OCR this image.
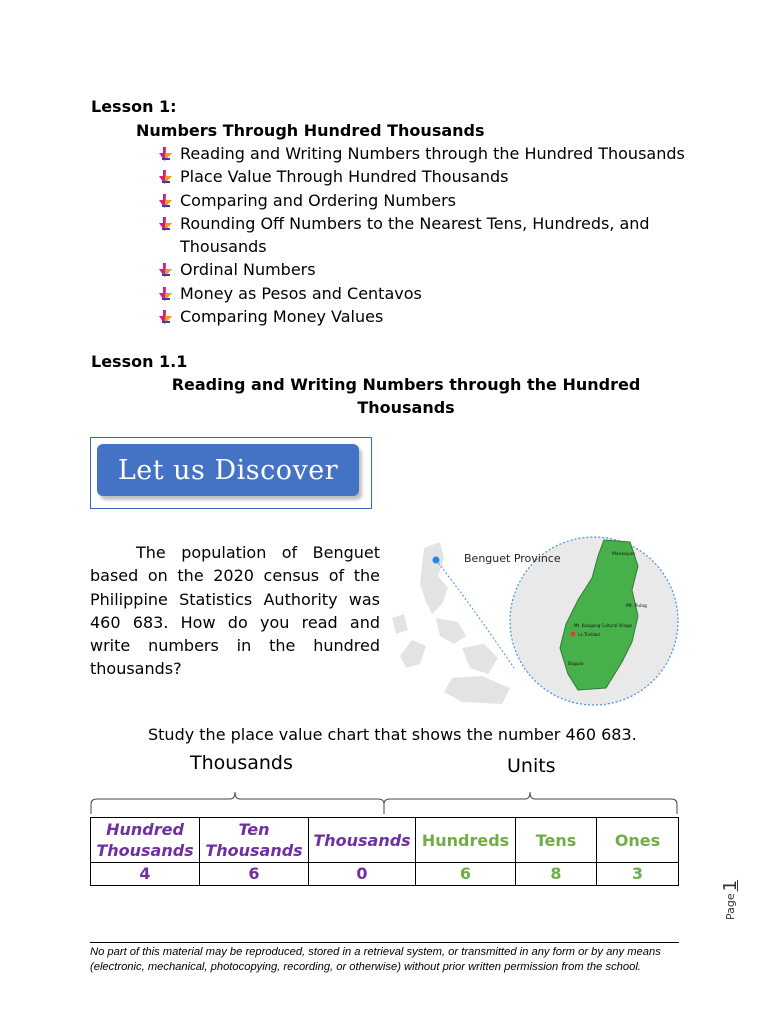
Lesson 1:
Numbers Through Hundred Thousands
Reading and Writing Numbers through the Hundred Thousands
Place Value Through Hundred Thousands
Comparing and Ordering Numbers
Rounding Off Numbers to the Nearest Tens, Hundreds, and Thousands
Ordinal Numbers
Money as Pesos and Centavos
Comparing Money Values
Lesson 1.1
Reading and Writing Numbers through the Hundred Thousands
Let us Discover
The population of Benguet based on the 2020 census of the Philippine Statistics Authority was 460 683. How do you read and write numbers in the hundred thousands?
Benguet Province	Mankayan
Mt. Pulag
Mt. Kalugong Cultural Village
La Trinidad
Baguio
Study the place value chart that shows the number 460 683.
Thousands	Units
Hundred Thousands	Ten Thousands	Thousands	Hundreds	Tens	Ones
4	6	0	6	8	3
Page
1
No part of this material may be reproduced, stored in a retrieval system, or transmitted in any form or by any means (electronic, mechanical, photocopying, recording, or otherwise) without prior written permission from the school.
